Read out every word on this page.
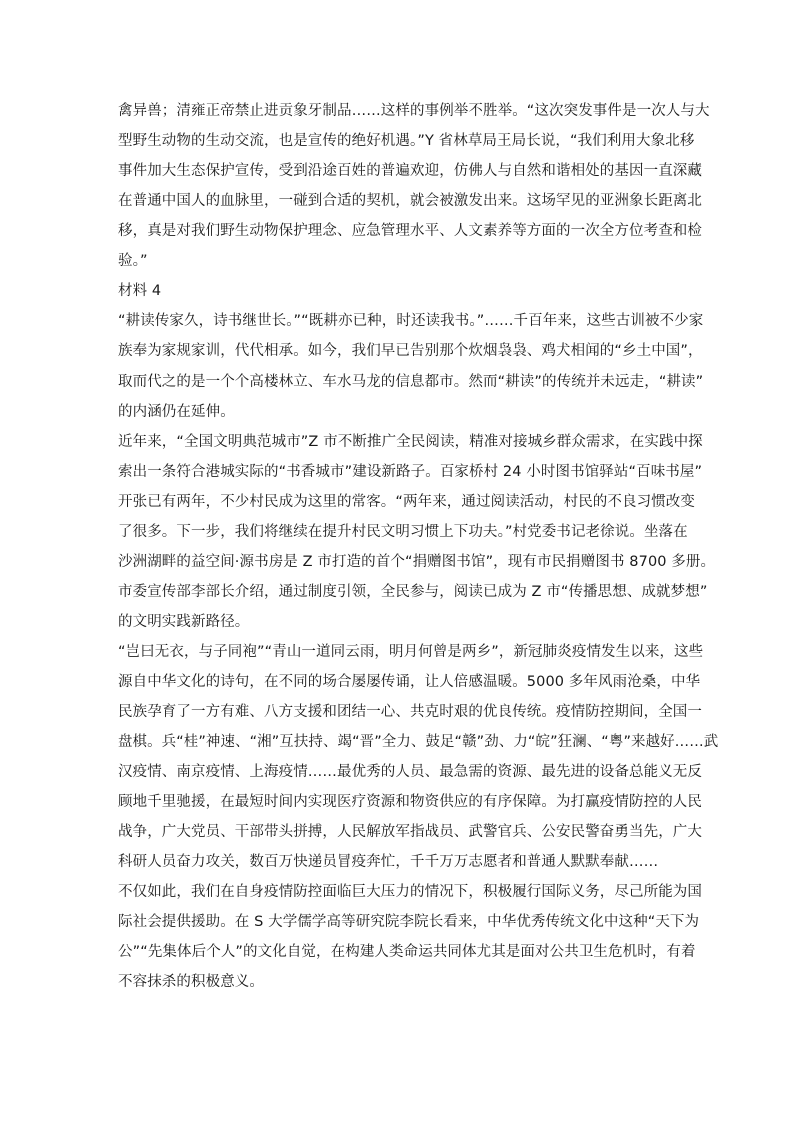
禽异兽；清雍正帝禁止进贡象牙制品……这样的事例举不胜举。“这次突发事件是一次人与大
型野生动物的生动交流，也是宣传的绝好机遇。”Y 省林草局王局长说，“我们利用大象北移
事件加大生态保护宣传，受到沿途百姓的普遍欢迎，仿佛人与自然和谐相处的基因一直深藏
在普通中国人的血脉里，一碰到合适的契机，就会被激发出来。这场罕见的亚洲象长距离北
移，真是对我们野生动物保护理念、应急管理水平、人文素养等方面的一次全方位考查和检
验。”
材料 4
“耕读传家久，诗书继世长。”“既耕亦已种，时还读我书。”……千百年来，这些古训被不少家
族奉为家规家训，代代相承。如今，我们早已告别那个炊烟袅袅、鸡犬相闻的“乡土中国”，
取而代之的是一个个高楼林立、车水马龙的信息都市。然而“耕读”的传统并未远走，“耕读”
的内涵仍在延伸。
近年来，“全国文明典范城市”Z 市不断推广全民阅读，精准对接城乡群众需求，在实践中探
索出一条符合港城实际的“书香城市”建设新路子。百家桥村 24 小时图书馆驿站“百味书屋”
开张已有两年，不少村民成为这里的常客。“两年来，通过阅读活动，村民的不良习惯改变
了很多。下一步，我们将继续在提升村民文明习惯上下功夫。”村党委书记老徐说。坐落在
沙洲湖畔的益空间·源书房是 Z 市打造的首个“捐赠图书馆”，现有市民捐赠图书 8700 多册。
市委宣传部李部长介绍，通过制度引领，全民参与，阅读已成为 Z 市“传播思想、成就梦想”
的文明实践新路径。
“岂曰无衣，与子同袍”“青山一道同云雨，明月何曾是两乡”，新冠肺炎疫情发生以来，这些
源自中华文化的诗句，在不同的场合屡屡传诵，让人倍感温暖。5000 多年风雨沧桑，中华
民族孕育了一方有难、八方支援和团结一心、共克时艰的优良传统。疫情防控期间，全国一
盘棋。兵“桂”神速、“湘”互扶持、竭“晋”全力、鼓足“赣”劲、力“皖”狂澜、“粤”来越好……武
汉疫情、南京疫情、上海疫情……最优秀的人员、最急需的资源、最先进的设备总能义无反
顾地千里驰援，在最短时间内实现医疗资源和物资供应的有序保障。为打赢疫情防控的人民
战争，广大党员、干部带头拼搏，人民解放军指战员、武警官兵、公安民警奋勇当先，广大
科研人员奋力攻关，数百万快递员冒疫奔忙，千千万万志愿者和普通人默默奉献……
不仅如此，我们在自身疫情防控面临巨大压力的情况下，积极履行国际义务，尽己所能为国
际社会提供援助。在 S 大学儒学高等研究院李院长看来，中华优秀传统文化中这种“天下为
公”“先集体后个人”的文化自觉，在构建人类命运共同体尤其是面对公共卫生危机时，有着
不容抹杀的积极意义。
